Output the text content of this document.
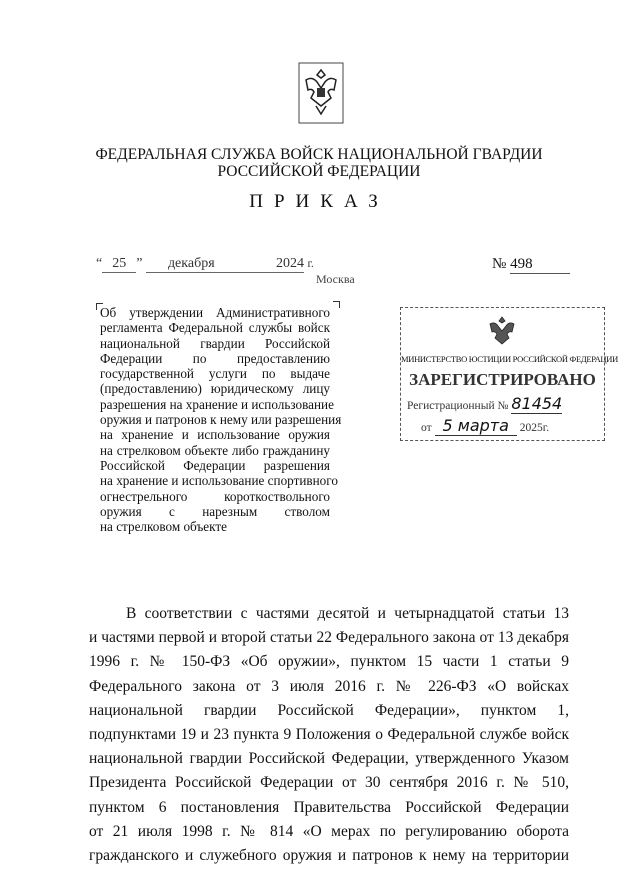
ФЕДЕРАЛЬНАЯ СЛУЖБА ВОЙСК НАЦИОНАЛЬНОЙ ГВАРДИИ
РОССИЙСКОЙ ФЕДЕРАЦИИ
ПРИКАЗ
“ 25 ” декабря	2024 г.	№ 498
Москва
Об утверждении Административного
регламента Федеральной службы войск
национальной гвардии Российской
Федерации по предоставлению
государственной услуги по выдаче
(предоставлению) юридическому лицу
разрешения на хранение и использование
оружия и патронов к нему или разрешения
на хранение и использование оружия
на стрелковом объекте либо гражданину
Российской Федерации разрешения
на хранение и использование спортивного
огнестрельного короткоствольного
оружия с нарезным стволом
на стрелковом объекте
МИНИСТЕРСТВО ЮСТИЦИИ РОССИЙСКОЙ ФЕДЕРАЦИИ
ЗАРЕГИСТРИРОВАНО
Регистрационный № 81454
от 5 марта 2025г.
В соответствии с частями десятой и четырнадцатой статьи 13
и частями первой и второй статьи 22 Федерального закона от 13 декабря
1996 г. № 150-ФЗ «Об оружии», пунктом 15 части 1 статьи 9
Федерального закона от 3 июля 2016 г. № 226-ФЗ «О войсках
национальной гвардии Российской Федерации», пунктом 1,
подпунктами 19 и 23 пункта 9 Положения о Федеральной службе войск
национальной гвардии Российской Федерации, утвержденного Указом
Президента Российской Федерации от 30 сентября 2016 г. № 510,
пунктом 6 постановления Правительства Российской Федерации
от 21 июля 1998 г. № 814 «О мерах по регулированию оборота
гражданского и служебного оружия и патронов к нему на территории
